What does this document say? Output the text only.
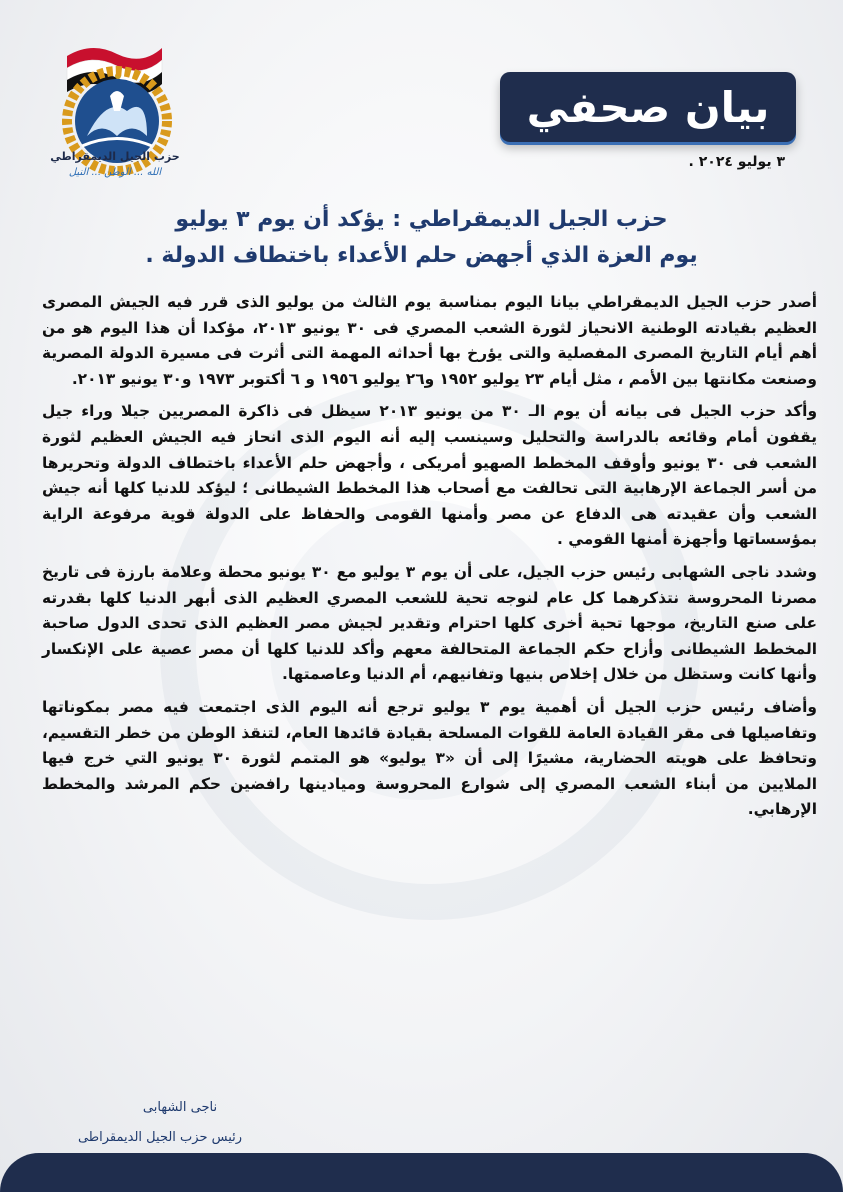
حزب الجيل الديمقراطي
الله ... الوطن ... النيل
بيان صحفي
٣ يوليو ٢٠٢٤ .
حزب الجيل الديمقراطي : يؤكد أن يوم ٣ يوليو
يوم العزة الذي أجهض حلم الأعداء باختطاف الدولة .

أصدر حزب الجيل الديمقراطي بيانا اليوم بمناسبة يوم الثالث من يوليو الذى قرر فيه الجيش المصرى العظيم بقيادته الوطنية الانحياز لثورة الشعب المصري فى ٣٠ يونيو ٢٠١٣، مؤكدا أن هذا اليوم هو من أهم أيام التاريخ المصرى المفصلية والتى يؤرخ بها أحداثه المهمة التى أثرت فى مسيرة الدولة المصرية وصنعت مكانتها بين الأمم ، مثل أيام ٢٣ يوليو ١٩٥٢ و٢٦ يوليو ١٩٥٦ و ٦ أكتوبر ١٩٧٣ و٣٠ يونيو ٢٠١٣.

وأكد حزب الجيل فى بيانه أن يوم الـ ٣٠ من يونيو ٢٠١٣ سيظل فى ذاكرة المصريين جيلا وراء جيل يقفون أمام وقائعه بالدراسة والتحليل وسينسب إليه أنه اليوم الذى انحاز فيه الجيش العظيم لثورة الشعب فى ٣٠ يونيو وأوقف المخطط الصهيو أمريكى ، وأجهض حلم الأعداء باختطاف الدولة وتحريرها من أسر الجماعة الإرهابية التى تحالفت مع أصحاب هذا المخطط الشيطانى ؛ ليؤكد للدنيا كلها أنه جيش الشعب وأن عقيدته هى الدفاع عن مصر وأمنها القومى والحفاظ على الدولة قوية مرفوعة الراية بمؤسساتها وأجهزة أمنها القومي .

وشدد ناجى الشهابى رئيس حزب الجيل، على أن يوم ٣ يوليو مع ٣٠ يونيو محطة وعلامة بارزة فى تاريخ مصرنا المحروسة نتذكرهما كل عام لنوجه تحية للشعب المصري العظيم الذى أبهر الدنيا كلها بقدرته على صنع التاريخ، موجها تحية أخرى كلها احترام وتقدير لجيش مصر العظيم الذى تحدى الدول صاحبة المخطط الشيطانى وأزاح حكم الجماعة المتحالفة معهم وأكد للدنيا كلها أن مصر عصية على الإنكسار وأنها كانت وستظل من خلال إخلاص بنيها وتفانيهم، أم الدنيا وعاصمتها.

وأضاف رئيس حزب الجيل أن أهمية يوم ٣ يوليو ترجع أنه اليوم الذى اجتمعت فيه مصر بمكوناتها وتفاصيلها فى مقر القيادة العامة للقوات المسلحة بقيادة قائدها العام، لتنقذ الوطن من خطر التقسيم، وتحافظ على هويته الحضارية، مشيرًا إلى أن «٣ يوليو» هو المتمم لثورة ٣٠ يونيو التي خرج فيها الملايين من أبناء الشعب المصري إلى شوارع المحروسة وميادينها رافضين حكم المرشد والمخطط الإرهابي.

ناجى الشهابى
رئيس حزب الجيل الديمقراطى
